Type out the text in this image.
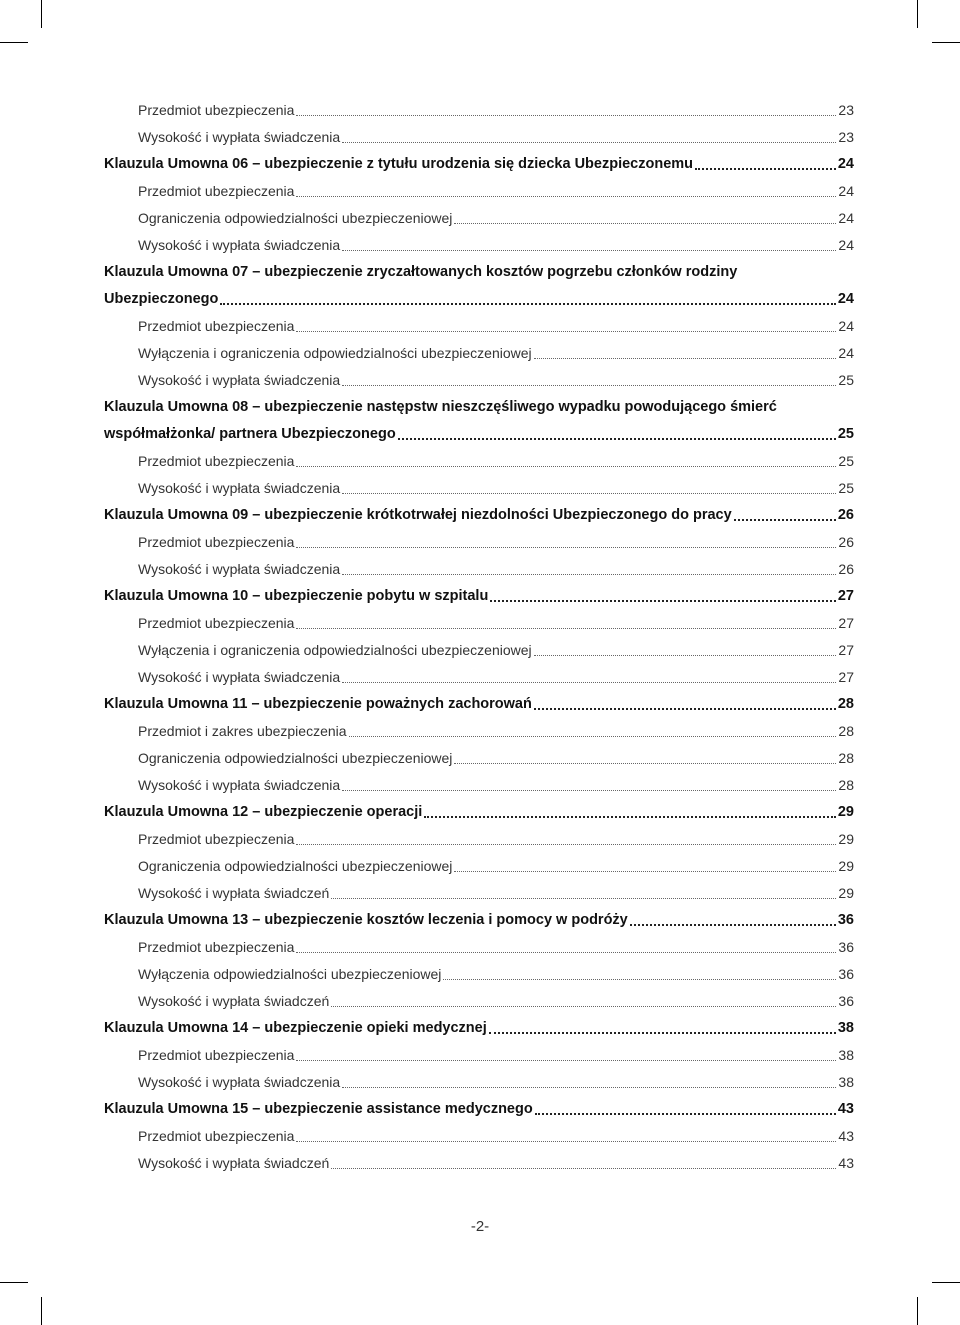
Przedmiot ubezpieczenia	23
Wysokość i wypłata świadczenia	23
Klauzula Umowna 06 – ubezpieczenie z tytułu urodzenia się dziecka Ubezpieczonemu	24
Przedmiot ubezpieczenia	24
Ograniczenia odpowiedzialności ubezpieczeniowej	24
Wysokość i wypłata świadczenia	24
Klauzula Umowna 07 – ubezpieczenie zryczałtowanych kosztów pogrzebu członków rodziny
Ubezpieczonego	24
Przedmiot ubezpieczenia	24
Wyłączenia i ograniczenia odpowiedzialności ubezpieczeniowej	24
Wysokość i wypłata świadczenia	25
Klauzula Umowna 08 – ubezpieczenie następstw nieszczęśliwego wypadku powodującego śmierć
współmałżonka/ partnera Ubezpieczonego	25
Przedmiot ubezpieczenia	25
Wysokość i wypłata świadczenia	25
Klauzula Umowna 09 – ubezpieczenie krótkotrwałej niezdolności Ubezpieczonego do pracy	26
Przedmiot ubezpieczenia	26
Wysokość i wypłata świadczenia	26
Klauzula Umowna 10 – ubezpieczenie pobytu w szpitalu	27
Przedmiot ubezpieczenia	27
Wyłączenia i ograniczenia odpowiedzialności ubezpieczeniowej	27
Wysokość i wypłata świadczenia	27
Klauzula Umowna 11 – ubezpieczenie poważnych zachorowań	28
Przedmiot i zakres ubezpieczenia	28
Ograniczenia odpowiedzialności ubezpieczeniowej	28
Wysokość i wypłata świadczenia	28
Klauzula Umowna 12 – ubezpieczenie operacji	29
Przedmiot ubezpieczenia	29
Ograniczenia odpowiedzialności ubezpieczeniowej	29
Wysokość i wypłata świadczeń	29
Klauzula Umowna 13 – ubezpieczenie kosztów leczenia i pomocy w podróży	36
Przedmiot ubezpieczenia	36
Wyłączenia odpowiedzialności ubezpieczeniowej	36
Wysokość i wypłata świadczeń	36
Klauzula Umowna 14 – ubezpieczenie opieki medycznej	38
Przedmiot ubezpieczenia	38
Wysokość i wypłata świadczenia	38
Klauzula Umowna 15 – ubezpieczenie assistance medycznego	43
Przedmiot ubezpieczenia	43
Wysokość i wypłata świadczeń	43
-2-
